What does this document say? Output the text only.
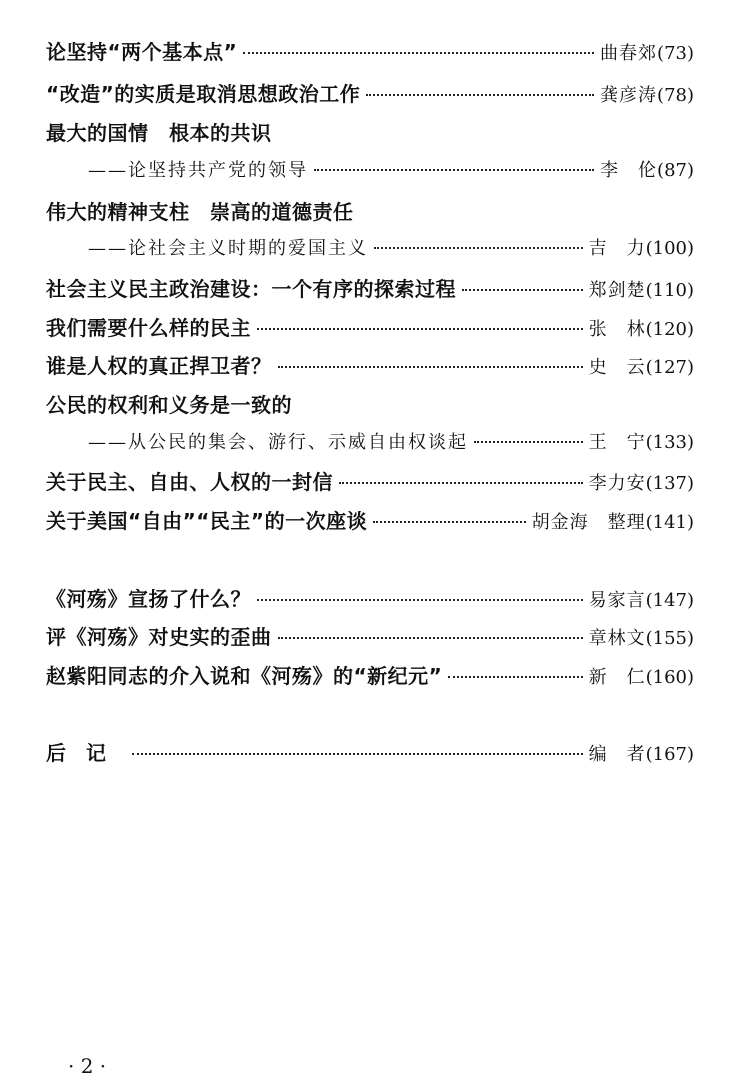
论坚持“两个基本点”	曲春郊 (73)
“改造”的实质是取消思想政治工作	龚彦涛 (78)
最大的国情　根本的共识
——论坚持共产党的领导	李　伦 (87)
伟大的精神支柱　崇高的道德责任
——论社会主义时期的爱国主义	吉　力 (100)
社会主义民主政治建设：一个有序的探索过程	郑剑楚 (110)
我们需要什么样的民主	张　林 (120)
谁是人权的真正捍卫者？	史　云 (127)
公民的权利和义务是一致的
——从公民的集会、游行、示威自由权谈起	王　宁 (133)
关于民主、自由、人权的一封信	李力安 (137)
关于美国“自由”“民主”的一次座谈	胡金海　整理 (141)
《河殇》宣扬了什么？	易家言 (147)
评《河殇》对史实的歪曲	章林文 (155)
赵紫阳同志的介入说和《河殇》的“新纪元”	新　仁 (160)
后记	编　者 (167)
· 2 ·
